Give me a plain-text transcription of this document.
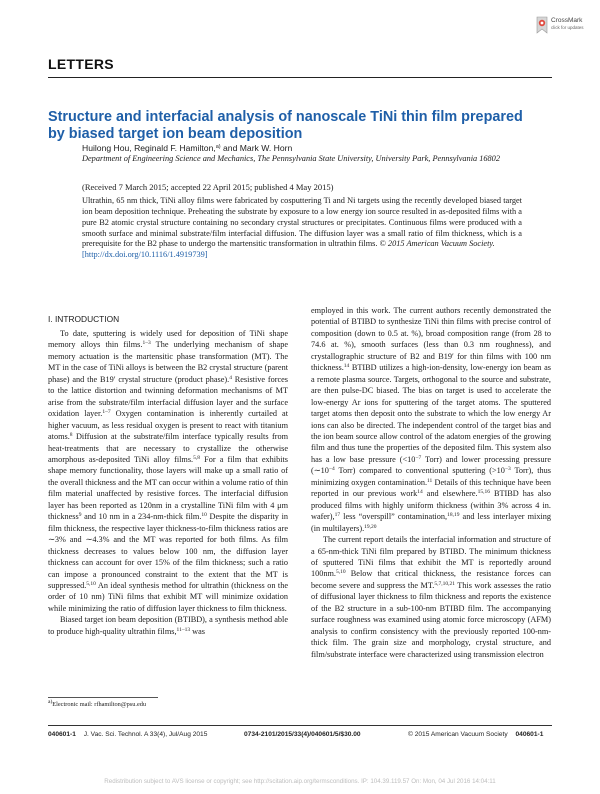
CrossMark
click for updates
LETTERS
Structure and interfacial analysis of nanoscale TiNi thin film prepared by biased target ion beam deposition
Huilong Hou, Reginald F. Hamilton,$^{a)}$ and Mark W. Horn
Department of Engineering Science and Mechanics, The Pennsylvania State University, University Park, Pennsylvania 16802
(Received 7 March 2015; accepted 22 April 2015; published 4 May 2015)
Ultrathin, 65 nm thick, TiNi alloy films were fabricated by cosputtering Ti and Ni targets using the recently developed biased target ion beam deposition technique. Preheating the substrate by exposure to a low energy ion source resulted in as-deposited films with a pure B2 atomic crystal structure containing no secondary crystal structures or precipitates. Continuous films were produced with a smooth surface and minimal substrate/film interfacial diffusion. The diffusion layer was a small ratio of film thickness, which is a prerequisite for the B2 phase to undergo the martensitic transformation in ultrathin films. © 2015 American Vacuum Society.
[http://dx.doi.org/10.1116/1.4919739]
I. INTRODUCTION

To date, sputtering is widely used for deposition of TiNi shape memory alloys thin films.$^{1-3}$ The underlying mechanism of shape memory actuation is the martensitic phase transformation (MT). The MT in the case of TiNi alloys is between the B2 crystal structure (parent phase) and the B19′ crystal structure (product phase).$^4$ Resistive forces to the lattice distortion and twinning deformation mechanisms of MT arise from the substrate/film interfacial diffusion layer and the surface oxidation layer.$^{1-7}$ Oxygen contamination is inherently curtailed at higher vacuum, as less residual oxygen is present to react with titanium atoms.$^8$ Diffusion at the substrate/film interface typically results from heat-treatments that are necessary to crystallize the otherwise amorphous as-deposited TiNi alloy films.$^{5,8}$ For a film that exhibits shape memory functionality, those layers will make up a small ratio of the overall thickness and the MT can occur within a volume ratio of thin film material unaffected by resistive forces. The interfacial diffusion layer has been reported as 120nm in a crystalline TiNi film with 4 μm thickness$^9$ and 10 nm in a 234-nm-thick film.$^{10}$ Despite the disparity in film thickness, the respective layer thickness-to-film thickness ratios are ∼3% and ∼4.3% and the MT was reported for both films. As film thickness decreases to values below 100 nm, the diffusion layer thickness can account for over 15% of the film thickness; such a ratio can impose a pronounced constraint to the extent that the MT is suppressed.$^{5,10}$ An ideal synthesis method for ultrathin (thickness on the order of 10 nm) TiNi films that exhibit MT will minimize oxidation while minimizing the ratio of diffusion layer thickness to film thickness.

Biased target ion beam deposition (BTIBD), a synthesis method able to produce high-quality ultrathin films,$^{11-13}$ was

employed in this work. The current authors recently demonstrated the potential of BTIBD to synthesize TiNi thin films with precise control of composition (down to 0.5 at. %), broad composition range (from 28 to 74.6 at. %), smooth surfaces (less than 0.3 nm roughness), and crystallographic structure of B2 and B19′ for thin films with 100 nm thickness.$^{14}$ BTIBD utilizes a high-ion-density, low-energy ion beam as a remote plasma source. Targets, orthogonal to the source and substrate, are then pulse-DC biased. The bias on target is used to accelerate the low-energy Ar ions for sputtering of the target atoms. The sputtered target atoms then deposit onto the substrate to which the low energy Ar ions can also be directed. The independent control of the target bias and the ion beam source allow control of the adatom energies of the growing film and thus tune the properties of the deposited film. This system also has a low base pressure ($<10^{-7}$ Torr) and lower processing pressure ($\sim 10^{-4}$ Torr) compared to conventional sputtering ($>10^{-3}$ Torr), thus minimizing oxygen contamination.$^{11}$ Details of this technique have been reported in our previous work$^{14}$ and elsewhere.$^{15,16}$ BTIBD has also produced films with highly uniform thickness (within 3% across 4 in. wafer),$^{17}$ less “overspill” contamination,$^{18,19}$ and less interlayer mixing (in multilayers).$^{19,20}$

The current report details the interfacial information and structure of a 65-nm-thick TiNi film prepared by BTIBD. The minimum thickness of sputtered TiNi films that exhibit the MT is reportedly around 100nm.$^{5,10}$ Below that critical thickness, the resistance forces can become severe and suppress the MT.$^{5,7,10,21}$ This work assesses the ratio of diffusional layer thickness to film thickness and reports the existence of the B2 structure in a sub-100-nm BTIBD film. The accompanying surface roughness was examined using atomic force microscopy (AFM) analysis to confirm consistency with the previously reported 100-nm-thick film. The grain size and morphology, crystal structure, and film/substrate interface were characterized using transmission electron

$^{a)}$Electronic mail: rfhamilton@psu.edu
040601-1 J. Vac. Sci. Technol. A 33(4), Jul/Aug 2015	0734-2101/2015/33(4)/040601/5/$30.00	© 2015 American Vacuum Society 040601-1
Redistribution subject to AVS license or copyright; see http://scitation.aip.org/termsconditions. IP: 104.39.119.57 On: Mon, 04 Jul 2016 14:04:11
